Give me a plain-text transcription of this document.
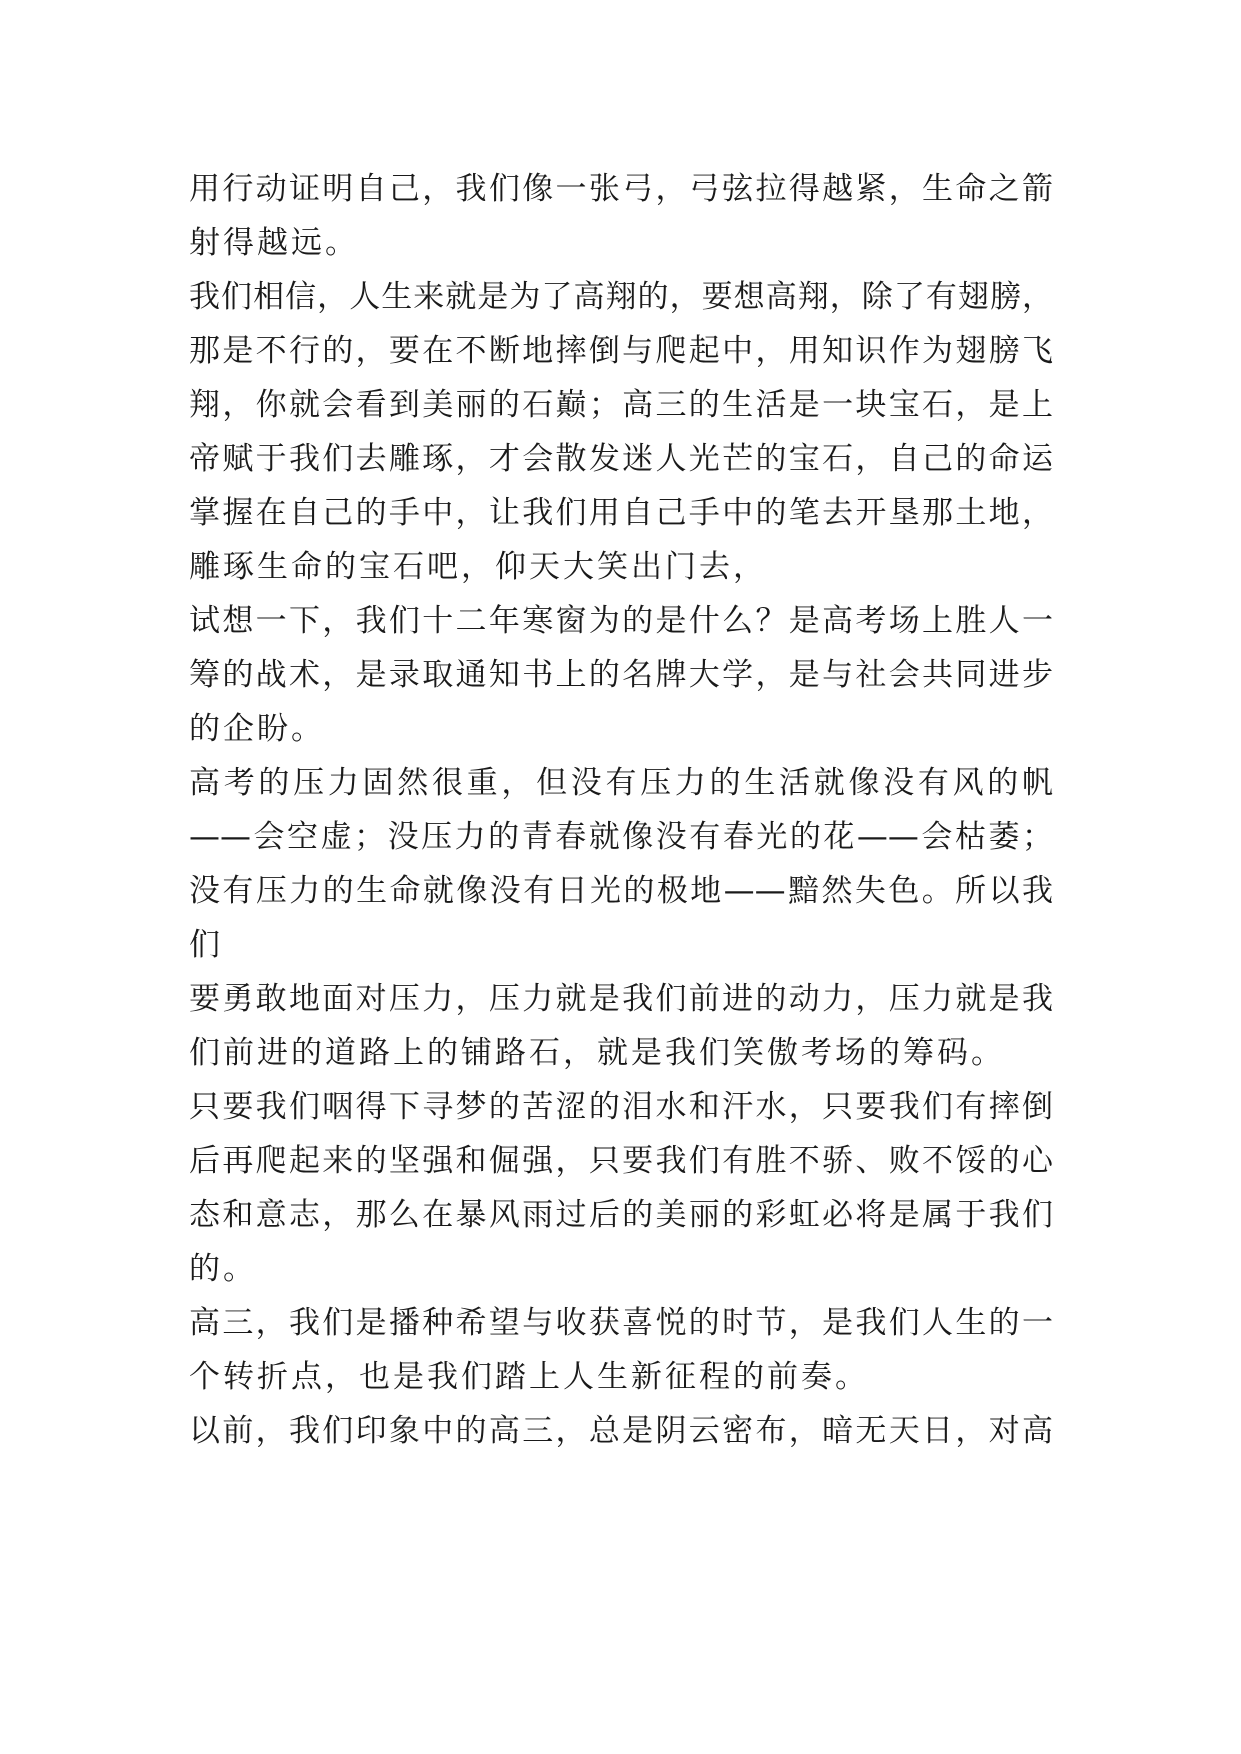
用行动证明自己，我们像一张弓，弓弦拉得越紧，生命之箭
射得越远。
我们相信，人生来就是为了高翔的，要想高翔，除了有翅膀，
那是不行的，要在不断地摔倒与爬起中，用知识作为翅膀飞
翔，你就会看到美丽的石巅；高三的生活是一块宝石，是上
帝赋于我们去雕琢，才会散发迷人光芒的宝石，自己的命运
掌握在自己的手中，让我们用自己手中的笔去开垦那土地，
雕琢生命的宝石吧，仰天大笑出门去，
试想一下，我们十二年寒窗为的是什么？是高考场上胜人一
筹的战术，是录取通知书上的名牌大学，是与社会共同进步
的企盼。
高考的压力固然很重，但没有压力的生活就像没有风的帆
——会空虚；没压力的青春就像没有春光的花——会枯萎；
没有压力的生命就像没有日光的极地——黯然失色。所以我
们
要勇敢地面对压力，压力就是我们前进的动力，压力就是我
们前进的道路上的铺路石，就是我们笑傲考场的筹码。
只要我们咽得下寻梦的苦涩的泪水和汗水，只要我们有摔倒
后再爬起来的坚强和倔强，只要我们有胜不骄、败不馁的心
态和意志，那么在暴风雨过后的美丽的彩虹必将是属于我们
的。
高三，我们是播种希望与收获喜悦的时节，是我们人生的一
个转折点，也是我们踏上人生新征程的前奏。
以前，我们印象中的高三，总是阴云密布，暗无天日，对高
